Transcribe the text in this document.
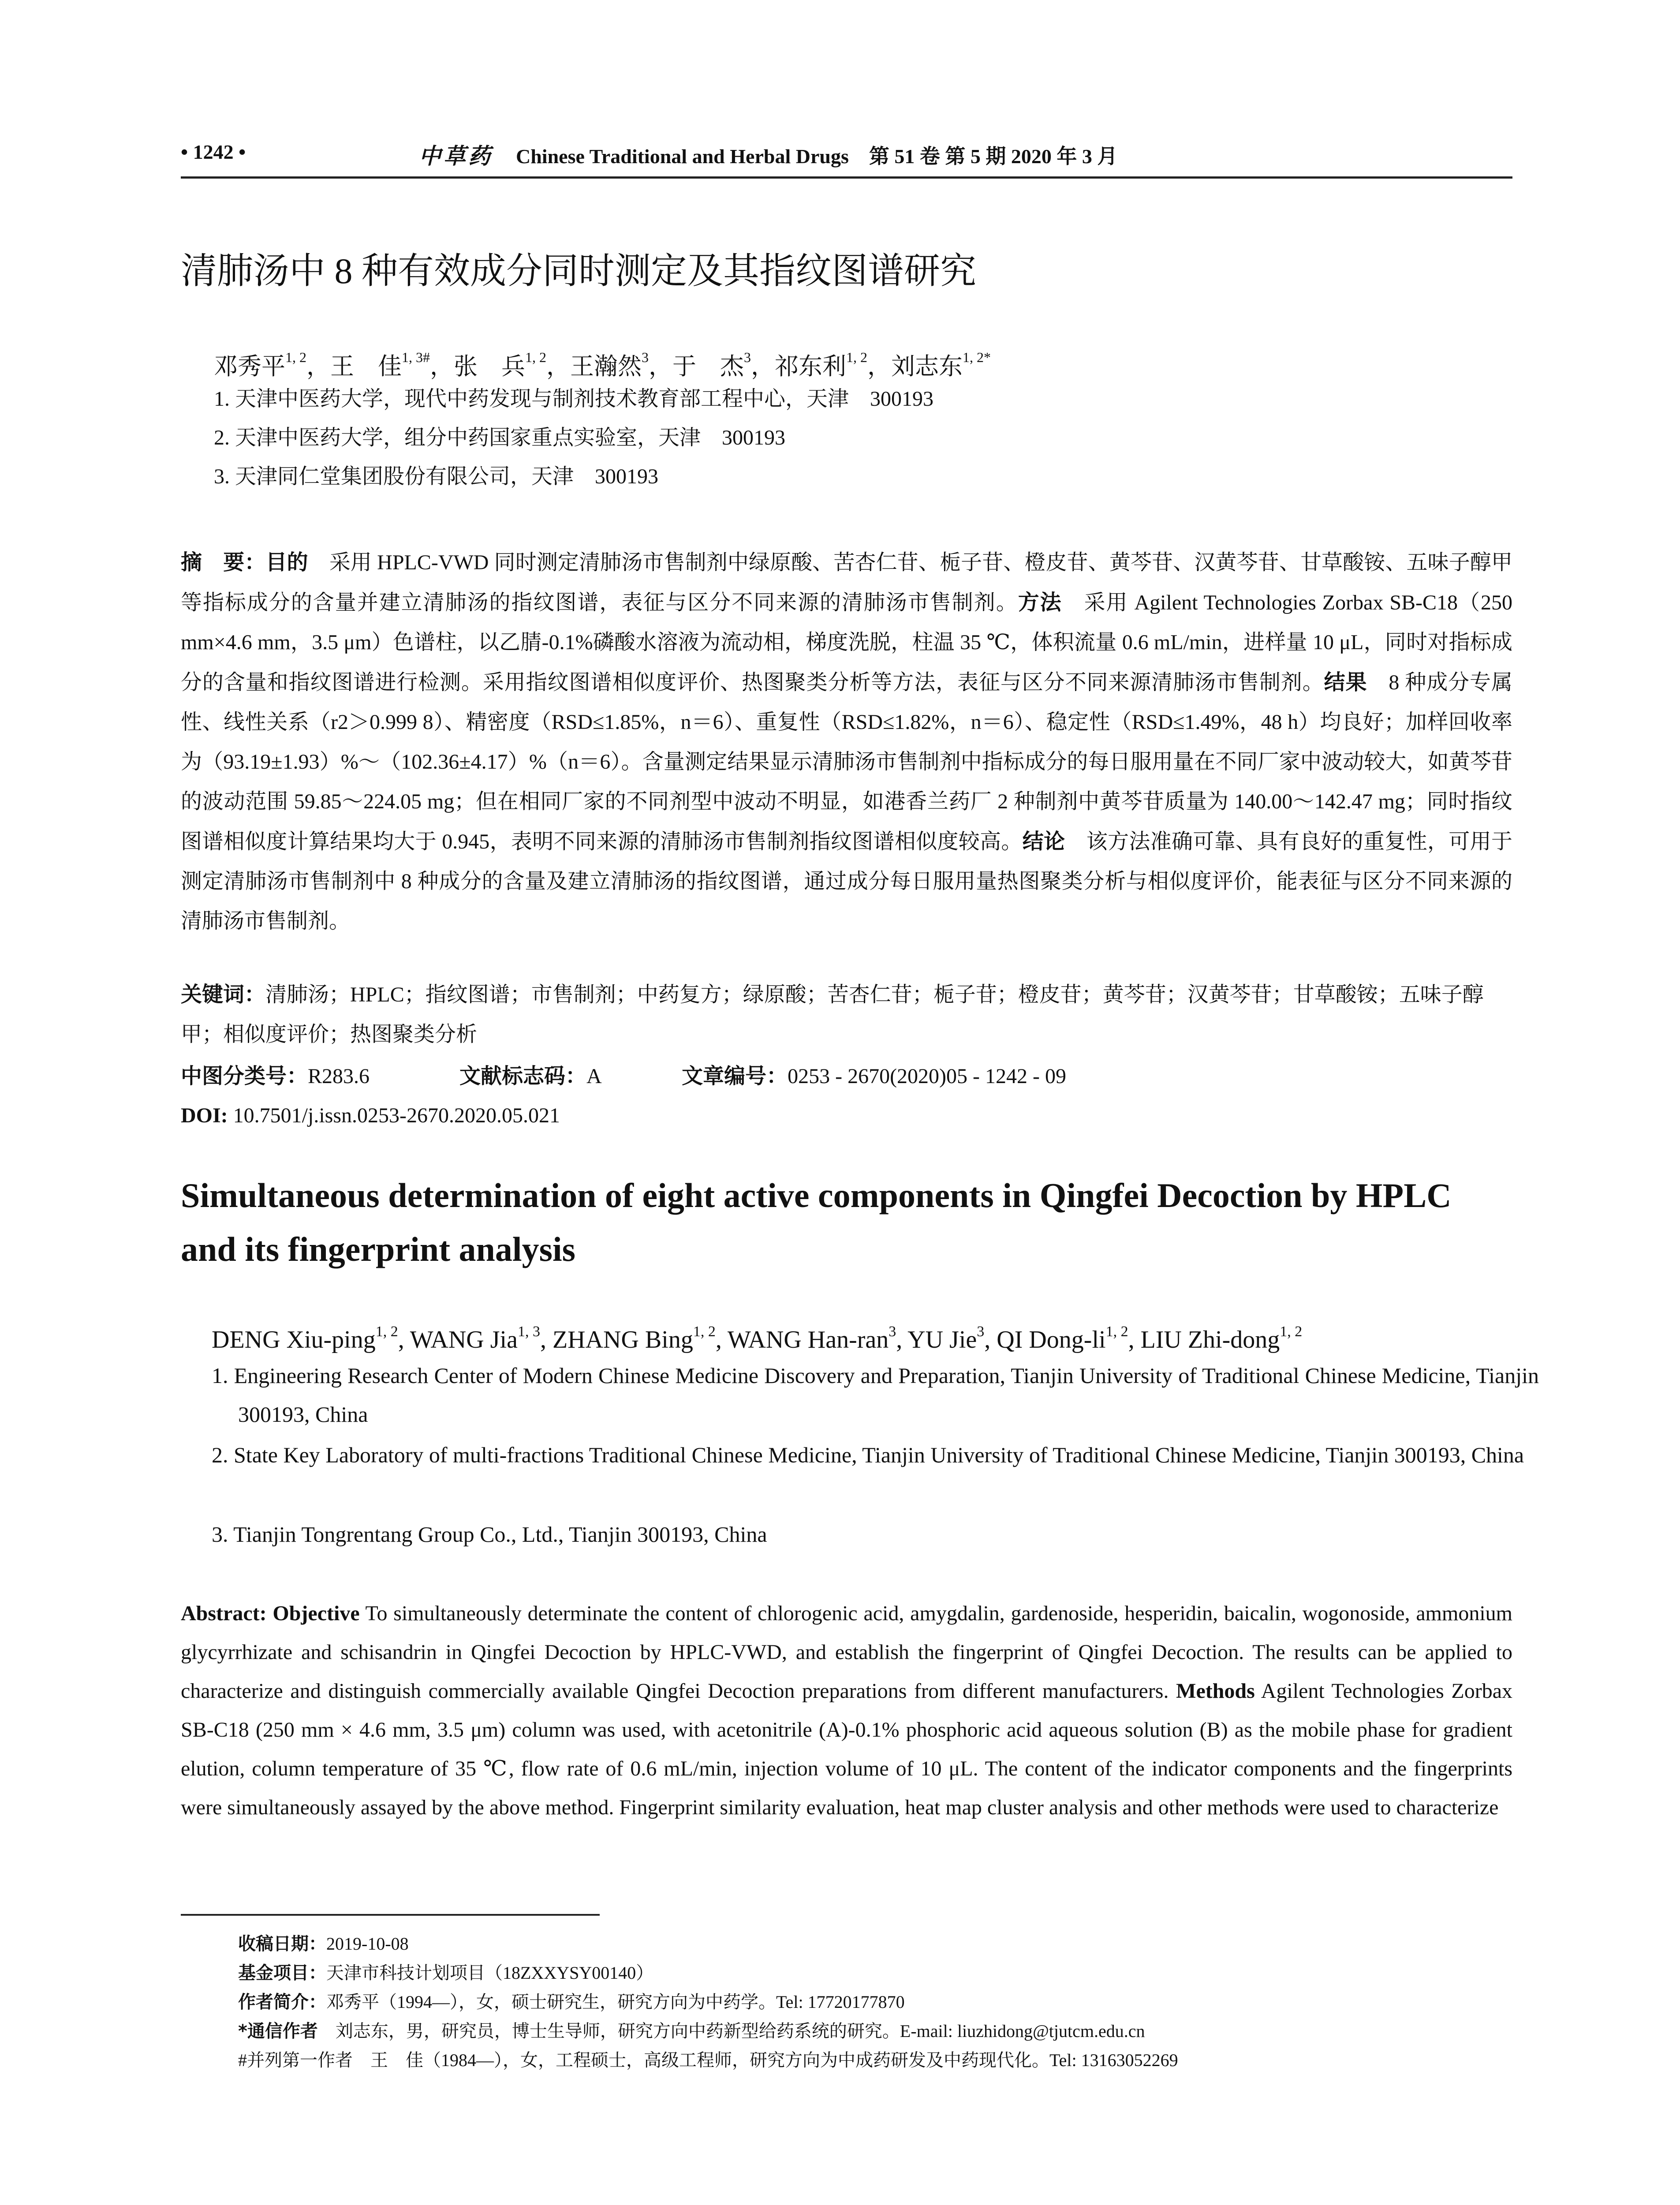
• 1242 •	中草药 Chinese Traditional and Herbal Drugs　第 51 卷 第 5 期 2020 年 3 月
清肺汤中 8 种有效成分同时测定及其指纹图谱研究
邓秀平$^{1, 2}$，王　佳$^{1, 3\#}$，张　兵$^{1, 2}$，王瀚然$^3$，于　杰$^3$，祁东利$^{1, 2}$，刘志东$^{1, 2*}$
1. 天津中医药大学，现代中药发现与制剂技术教育部工程中心，天津　300193
2. 天津中医药大学，组分中药国家重点实验室，天津　300193
3. 天津同仁堂集团股份有限公司，天津　300193
摘　要：目的　采用 HPLC-VWD 同时测定清肺汤市售制剂中绿原酸、苦杏仁苷、栀子苷、橙皮苷、黄芩苷、汉黄芩苷、甘草酸铵、五味子醇甲等指标成分的含量并建立清肺汤的指纹图谱，表征与区分不同来源的清肺汤市售制剂。方法　采用 Agilent Technologies Zorbax SB-C18（250 mm×4.6 mm，3.5 μm）色谱柱，以乙腈-0.1%磷酸水溶液为流动相，梯度洗脱，柱温 35 ℃，体积流量 0.6 mL/min，进样量 10 μL，同时对指标成分的含量和指纹图谱进行检测。采用指纹图谱相似度评价、热图聚类分析等方法，表征与区分不同来源清肺汤市售制剂。结果　8 种成分专属性、线性关系（r2＞0.999 8）、精密度（RSD≤1.85%，n＝6）、重复性（RSD≤1.82%，n＝6）、稳定性（RSD≤1.49%，48 h）均良好；加样回收率为（93.19±1.93）%～（102.36±4.17）%（n＝6）。含量测定结果显示清肺汤市售制剂中指标成分的每日服用量在不同厂家中波动较大，如黄芩苷的波动范围 59.85～224.05 mg；但在相同厂家的不同剂型中波动不明显，如港香兰药厂 2 种制剂中黄芩苷质量为 140.00～142.47 mg；同时指纹图谱相似度计算结果均大于 0.945，表明不同来源的清肺汤市售制剂指纹图谱相似度较高。结论　该方法准确可靠、具有良好的重复性，可用于测定清肺汤市售制剂中 8 种成分的含量及建立清肺汤的指纹图谱，通过成分每日服用量热图聚类分析与相似度评价，能表征与区分不同来源的清肺汤市售制剂。
关键词：清肺汤；HPLC；指纹图谱；市售制剂；中药复方；绿原酸；苦杏仁苷；栀子苷；橙皮苷；黄芩苷；汉黄芩苷；甘草酸铵；五味子醇甲；相似度评价；热图聚类分析
中图分类号：R283.6	文献标志码：A	文章编号：0253 - 2670(2020)05 - 1242 - 09
DOI: 10.7501/j.issn.0253-2670.2020.05.021
Simultaneous determination of eight active components in Qingfei Decoction by HPLC and its fingerprint analysis
DENG Xiu-ping$^{1, 2}$, WANG Jia$^{1, 3}$, ZHANG Bing$^{1, 2}$, WANG Han-ran$^3$, YU Jie$^3$, QI Dong-li$^{1, 2}$, LIU Zhi-dong$^{1, 2}$
1. Engineering Research Center of Modern Chinese Medicine Discovery and Preparation, Tianjin University of Traditional Chinese Medicine, Tianjin 300193, China
2. State Key Laboratory of multi-fractions Traditional Chinese Medicine, Tianjin University of Traditional Chinese Medicine, Tianjin 300193, China
3. Tianjin Tongrentang Group Co., Ltd., Tianjin 300193, China
Abstract: Objective To simultaneously determinate the content of chlorogenic acid, amygdalin, gardenoside, hesperidin, baicalin, wogonoside, ammonium glycyrrhizate and schisandrin in Qingfei Decoction by HPLC-VWD, and establish the fingerprint of Qingfei Decoction. The results can be applied to characterize and distinguish commercially available Qingfei Decoction preparations from different manufacturers. Methods Agilent Technologies Zorbax SB-C18 (250 mm × 4.6 mm, 3.5 μm) column was used, with acetonitrile (A)-0.1% phosphoric acid aqueous solution (B) as the mobile phase for gradient elution, column temperature of 35 ℃, flow rate of 0.6 mL/min, injection volume of 10 μL. The content of the indicator components and the fingerprints were simultaneously assayed by the above method. Fingerprint similarity evaluation, heat map cluster analysis and other methods were used to characterize
收稿日期：2019-10-08
基金项目：天津市科技计划项目（18ZXXYSY00140）
作者简介：邓秀平（1994—），女，硕士研究生，研究方向为中药学。Tel: 17720177870
*通信作者　刘志东，男，研究员，博士生导师，研究方向中药新型给药系统的研究。E-mail: liuzhidong@tjutcm.edu.cn
#并列第一作者　王　佳（1984—），女，工程硕士，高级工程师，研究方向为中成药研发及中药现代化。Tel: 13163052269
